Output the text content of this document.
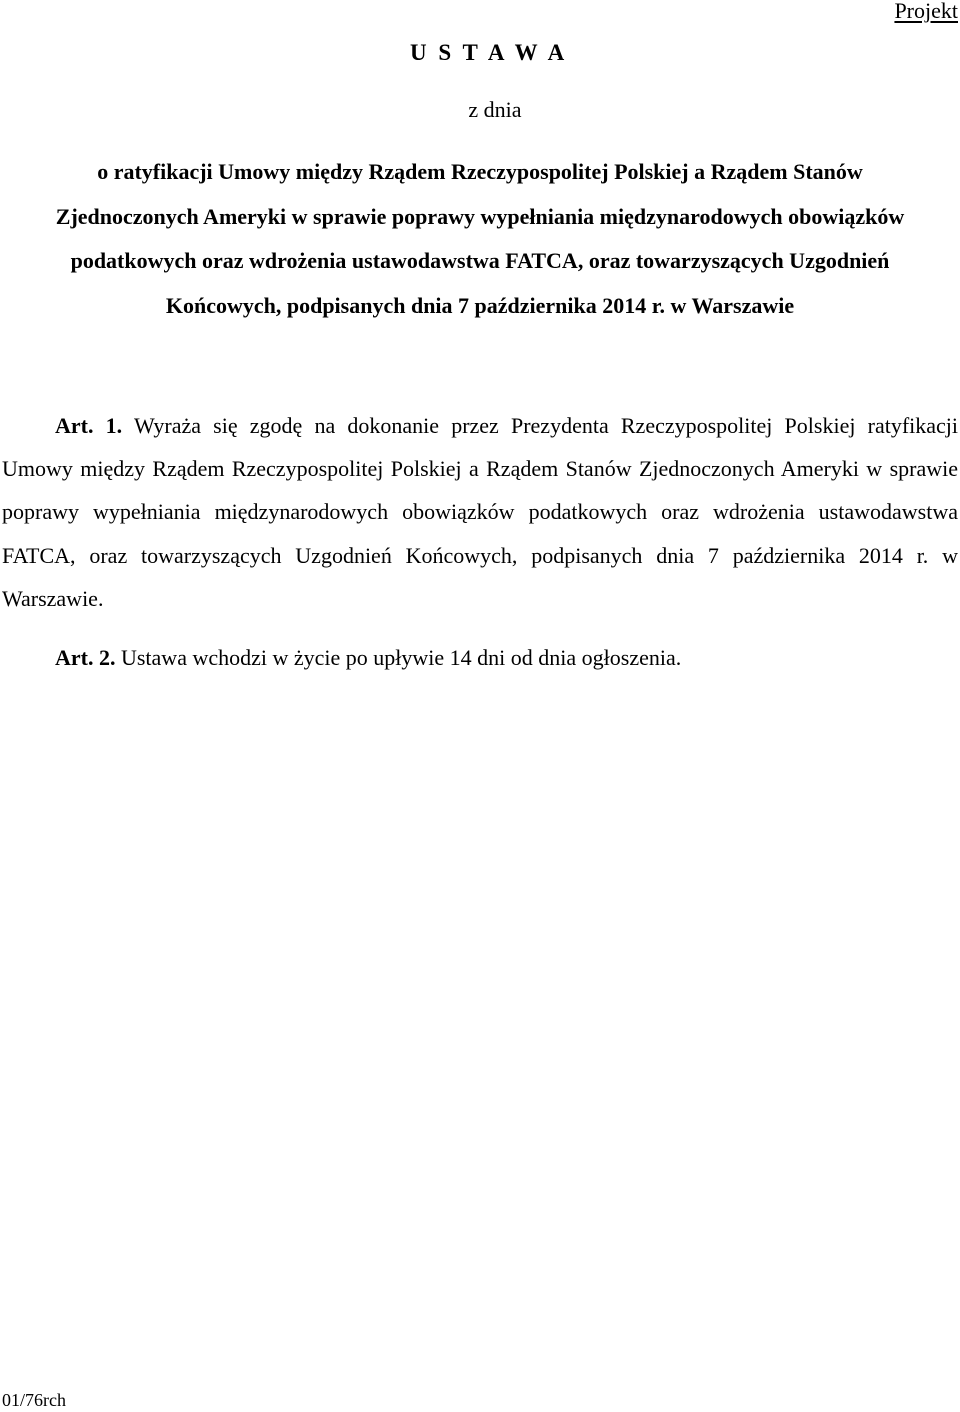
Projekt
U S T A W A
z dnia

o ratyfikacji Umowy między Rządem Rzeczypospolitej Polskiej a Rządem Stanów Zjednoczonych Ameryki w sprawie poprawy wypełniania międzynarodowych obowiązków podatkowych oraz wdrożenia ustawodawstwa FATCA, oraz towarzyszących Uzgodnień Końcowych, podpisanych dnia 7 października 2014 r. w Warszawie

Art. 1. Wyraża się zgodę na dokonanie przez Prezydenta Rzeczypospolitej Polskiej ratyfikacji Umowy między Rządem Rzeczypospolitej Polskiej a Rządem Stanów Zjednoczonych Ameryki w sprawie poprawy wypełniania międzynarodowych obowiązków podatkowych oraz wdrożenia ustawodawstwa FATCA, oraz towarzyszących Uzgodnień Końcowych, podpisanych dnia 7 października 2014 r. w Warszawie.

Art. 2. Ustawa wchodzi w życie po upływie 14 dni od dnia ogłoszenia.

01/76rch
